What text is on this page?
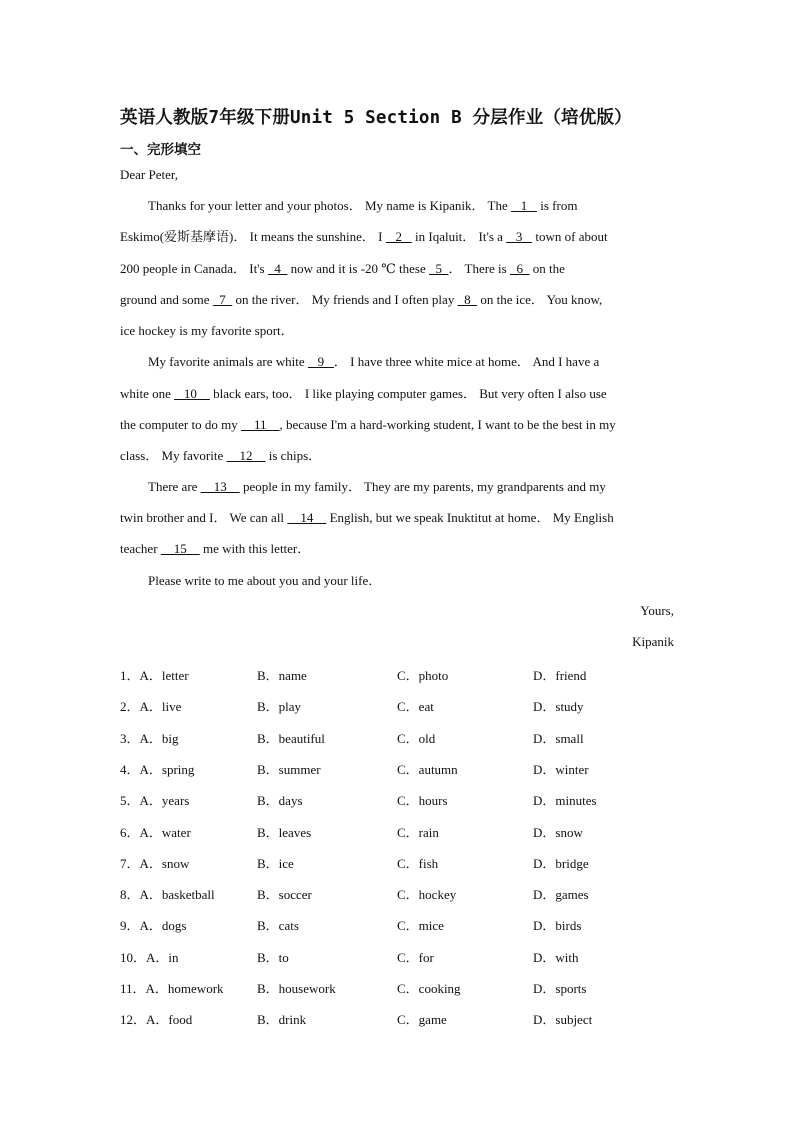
英语人教版7年级下册Unit 5 Section B 分层作业（培优版）
一、完形填空
Dear Peter,
Thanks for your letter and your photos． My name is Kipanik． The    1    is from
Eskimo(爱斯基摩语)． It means the sunshine． I    2    in Iqaluit． It's a    3    town of about
200 people in Canada． It's   4   now and it is -20 ℃ these   5  ． There is   6   on the
ground and some   7   on the river． My friends and I often play   8   on the ice． You know,
ice hockey is my favorite sport．
My favorite animals are white    9   ． I have three white mice at home． And I have a
white one    10     black ears, too． I like playing computer games． But very often I also use
the computer to do my     11    , because I'm a hard-working student, I want to be the best in my
class． My favorite     12     is chips．
There are     13     people in my family． They are my parents, my grandparents and my
twin brother and I． We can all     14     English, but we speak Inuktitut at home． My English
teacher     15     me with this letter．
Please write to me about you and your life．
Yours,
Kipanik
1．A．letter	B．name	C．photo	D．friend
2．A．live	B．play	C．eat	D．study
3．A．big	B．beautiful	C．old	D．small
4．A．spring	B．summer	C．autumn	D．winter
5．A．years	B．days	C．hours	D．minutes
6．A．water	B．leaves	C．rain	D．snow
7．A．snow	B．ice	C．fish	D．bridge
8．A．basketball	B．soccer	C．hockey	D．games
9．A．dogs	B．cats	C．mice	D．birds
10．A．in	B．to	C．for	D．with
11．A．homework	B．housework	C．cooking	D．sports
12．A．food	B．drink	C．game	D．subject
